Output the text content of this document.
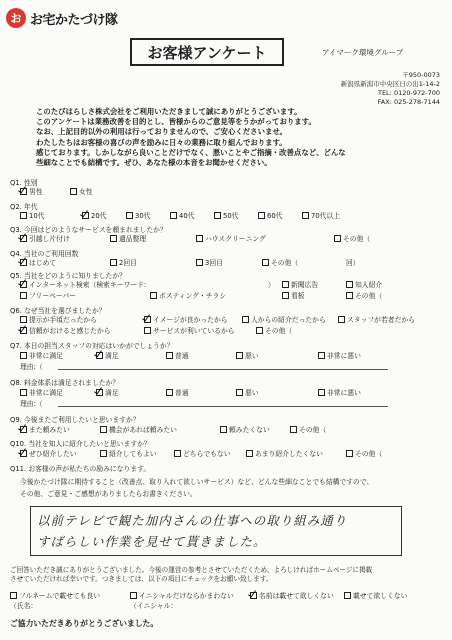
お お宅かたづけ隊
お客様アンケート	アイマーク環境グループ
〒950-0073
新潟県新潟市中央区日の出1-14-2
TEL: 0120-972-700
FAX: 025-278-7144
このたびはらしさ株式会社をご利用いただきまして誠にありがとうございます。
このアンケートは業務改善を目的とし、皆様からのご意見等をうかがっております。
なお、上記目的以外の利用は行っておりませんので、ご安心くださいませ。
わたしたちはお客様の喜びの声を励みに日々の業務に取り組んでおります。
感じております。しかしながら良いことだけでなく、悪いことやご指摘・改善点など、どんな
些細なことでも結構です。ぜひ、あなた様の本音をお聞かせください。
Q1. 性別
男性	女性
Q2. 年代
10代	20代	30代	40代	50代	60代	70代以上
Q3. 今回はどのようなサービスを頼まれましたか？
引越し片付け	遺品整理	ハウスクリーニング	その他（
Q4. 当社のご利用回数
はじめて	2回目	3回目	その他（	回）
Q5. 当社をどのように知りましたか？
インターネット検索（検索キーワード:	） 新聞広告	知人紹介
フリーペーパー	ポスティング・チラシ	看板	その他（
Q6. なぜ当社を選びましたか？
提示が手頃だったから	イメージが良かったから	人からの紹介だったから	スタッフが若者だから
信頼がおけると感じたから	サービスが利いているから	その他（
Q7. 本日の担当スタッフの対応はいかがでしょうか？
非常に満足	満足	普通	悪い	非常に悪い
理由:（
Q8. 料金体系は満足されましたか？
非常に満足	満足	普通	悪い	非常に悪い
理由:（
Q9. 今後またご利用したいと思いますか？
また頼みたい	機会があれば頼みたい	頼みたくない	その他（
Q10. 当社を知人に紹介したいと思いますか？
ぜひ紹介したい	紹介してもよい	どちらでもない	あまり紹介したくない	その他（
Q11. お客様の声が私たちの励みになります。
今後かたづけ隊に期待すること（改善点、取り入れて欲しいサービス）など、どんな些細なことでも結構ですので、
その他、ご意見・ご感想がありましたらお書きください。
以前テレビで観た加内さんの仕事への取り組み通り
すばらしい作業を見せて貰きました。
ご回答いただき誠にありがとうございました。今後の運営の参考とさせていただくため、よろしければホームページに掲載
させていただければ幸いです。つきましては、以下の項目にチェックをお願い致します。
フルネームで載せても良い	イニシャルだけならかまわない	名前は載せて欲しくない	載せて欲しくない
（氏名：	（イニシャル：
ご協力いただきありがとうございました。
